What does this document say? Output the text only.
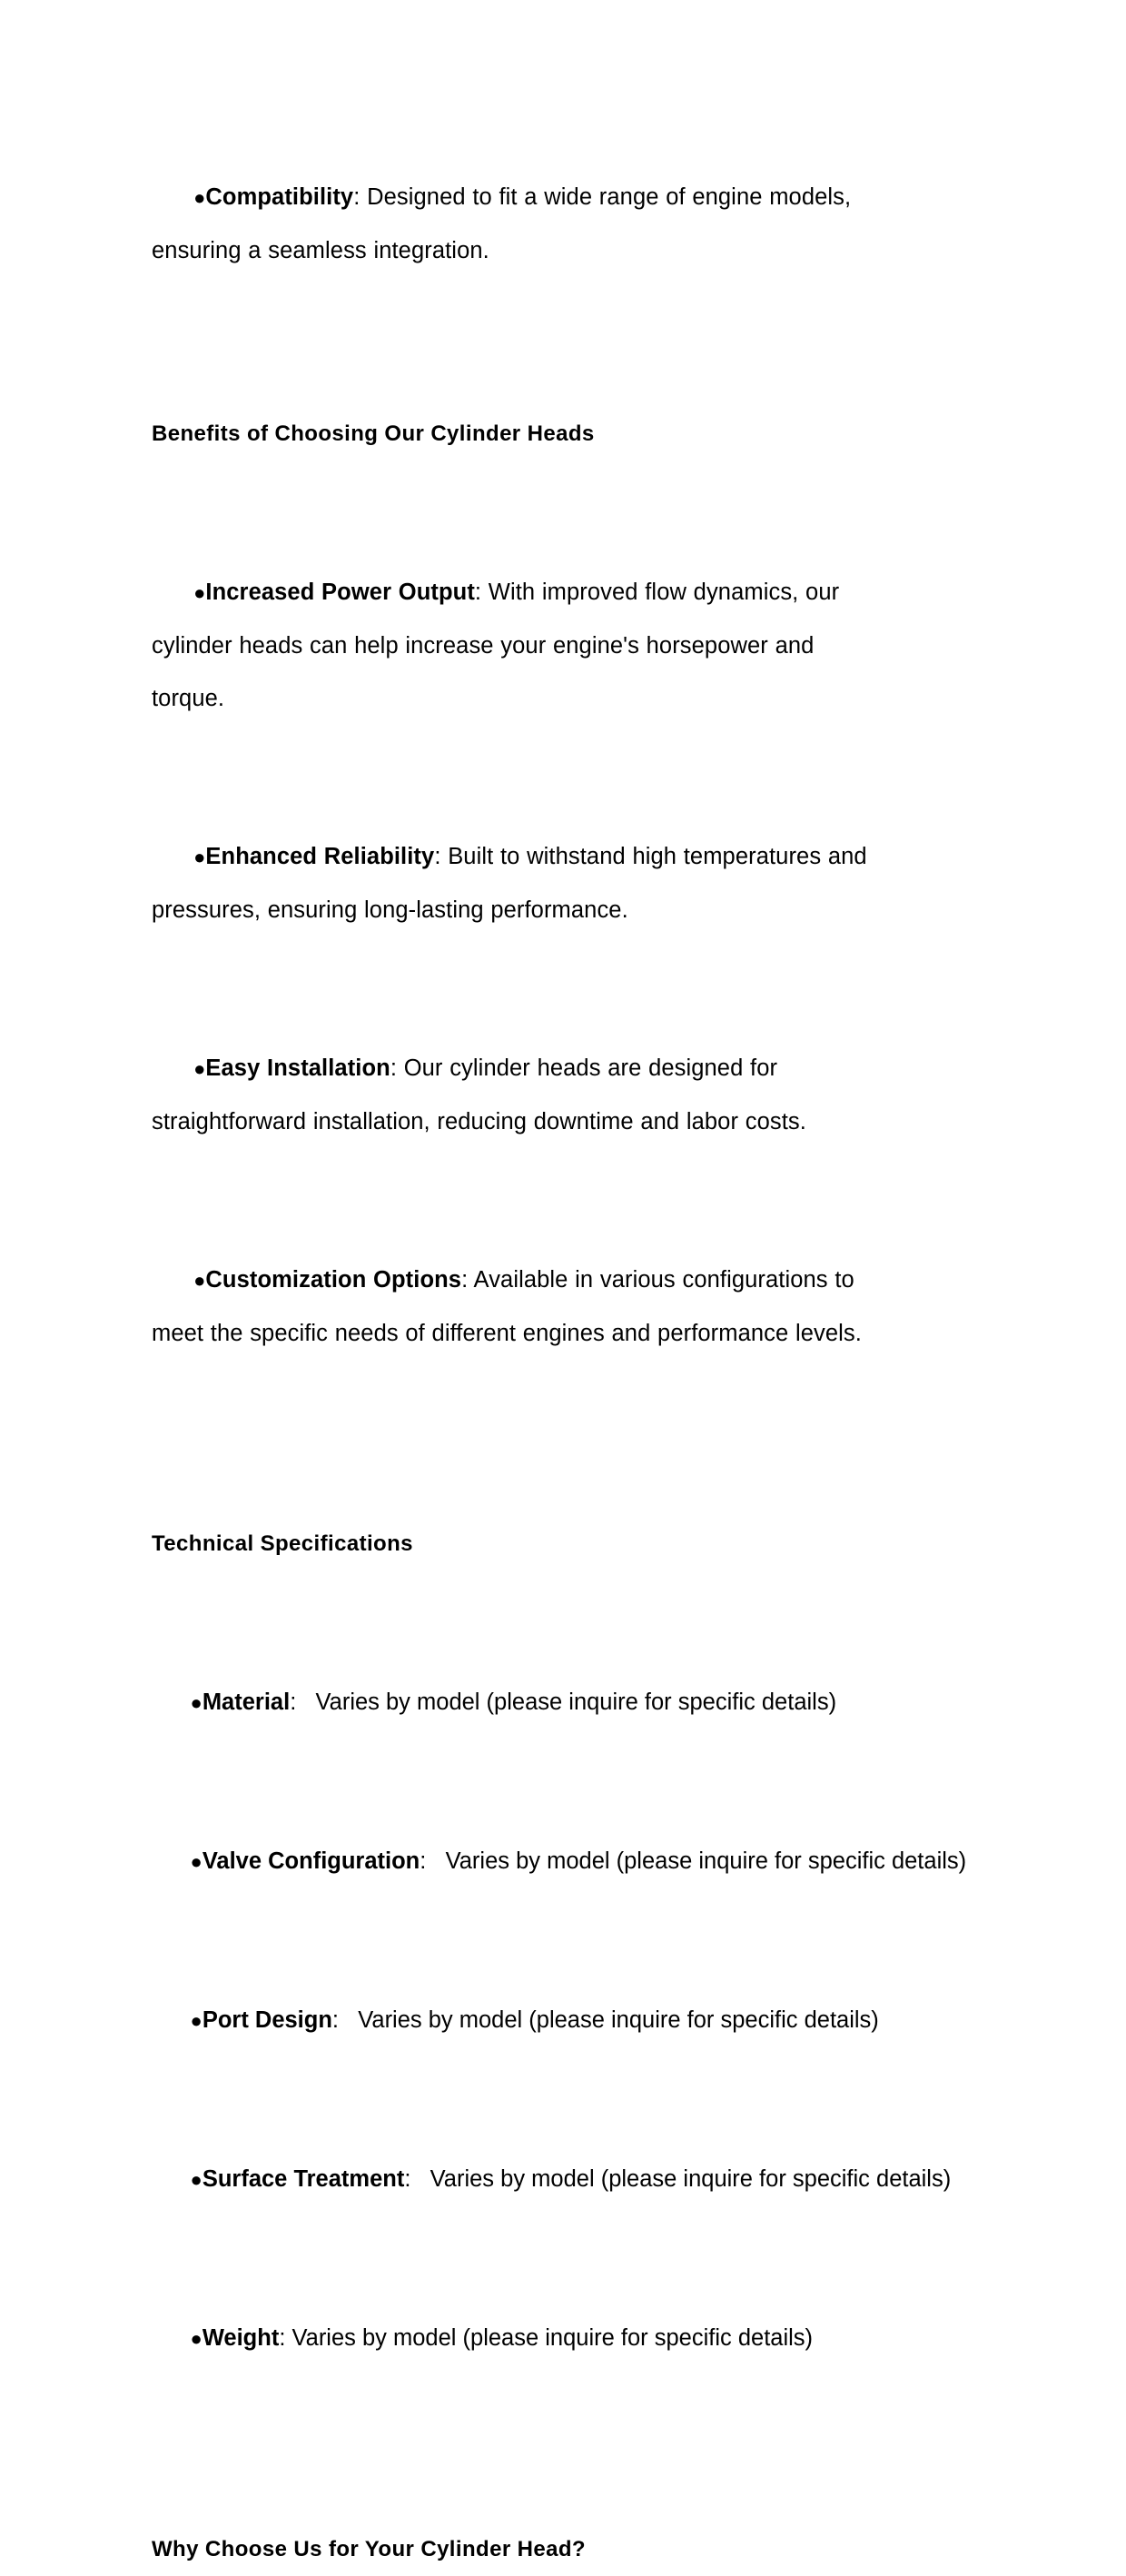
●Compatibility: Designed to fit a wide range of engine models, ensuring a seamless integration.

Benefits of Choosing Our Cylinder Heads

●Increased Power Output: With improved flow dynamics, our cylinder heads can help increase your engine's horsepower and torque.

●Enhanced Reliability: Built to withstand high temperatures and pressures, ensuring long-lasting performance.

●Easy Installation: Our cylinder heads are designed for straightforward installation, reducing downtime and labor costs.

●Customization Options: Available in various configurations to meet the specific needs of different engines and performance levels.

Technical Specifications

●Material:   Varies by model (please inquire for specific details)

●Valve Configuration:   Varies by model (please inquire for specific details)

●Port Design:   Varies by model (please inquire for specific details)

●Surface Treatment:   Varies by model (please inquire for specific details)

●Weight: Varies by model (please inquire for specific details)

Why Choose Us for Your Cylinder Head?
